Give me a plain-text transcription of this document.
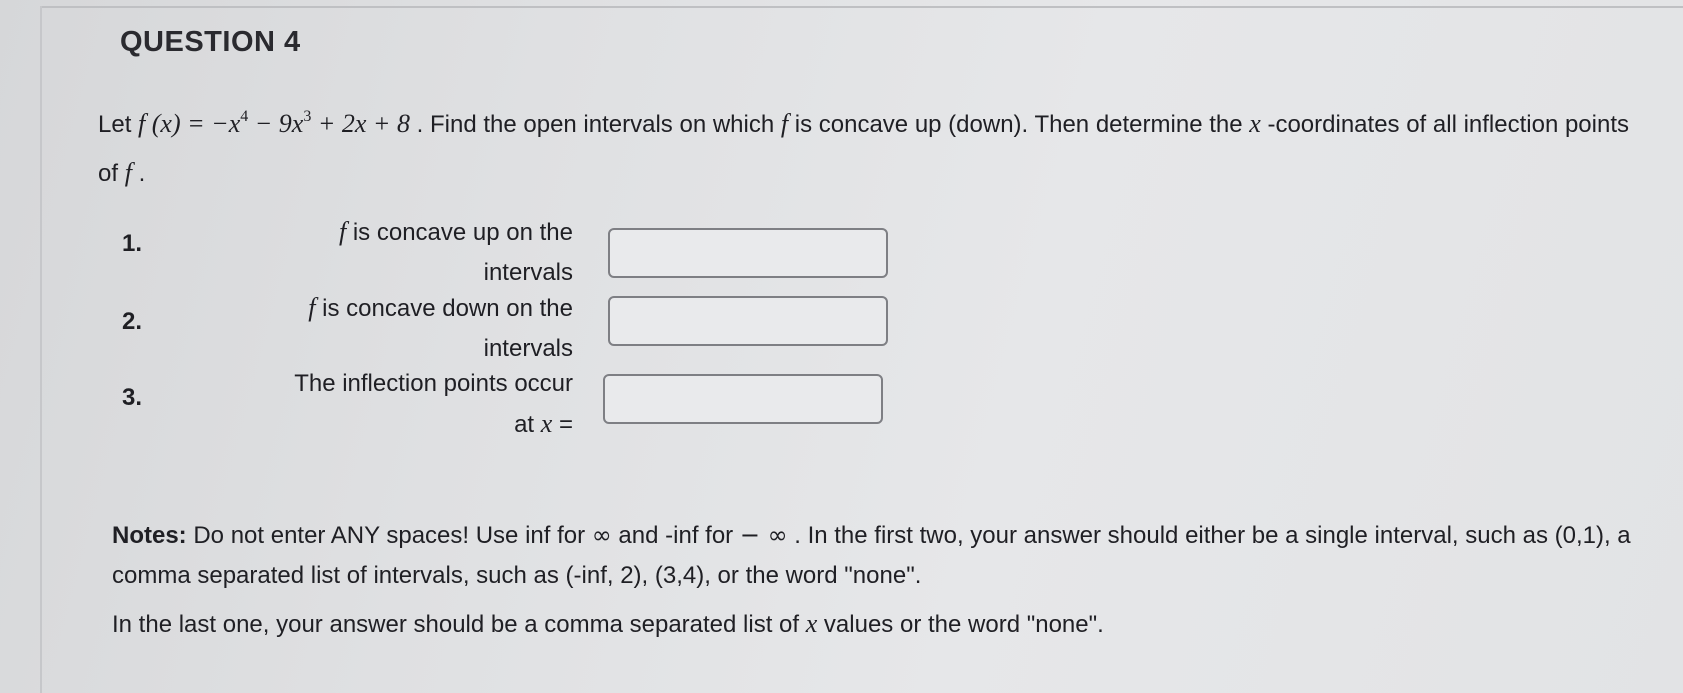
QUESTION 4
Let f $(x) = -x^4 - 9x^3 + 2x + 8$ . Find the open intervals on which f is concave up (down). Then determine the x -coordinates of all inflection points of f .
1.	f is concave up on the
intervals
2.	f is concave down on the
intervals
3.
The inflection points occur
at x =

Notes: Do not enter ANY spaces! Use inf for ∞ and -inf for − ∞ . In the first two, your answer should either be a single interval, such as (0,1), a comma separated list of intervals, such as (-inf, 2), (3,4), or the word "none".

In the last one, your answer should be a comma separated list of x values or the word "none".
